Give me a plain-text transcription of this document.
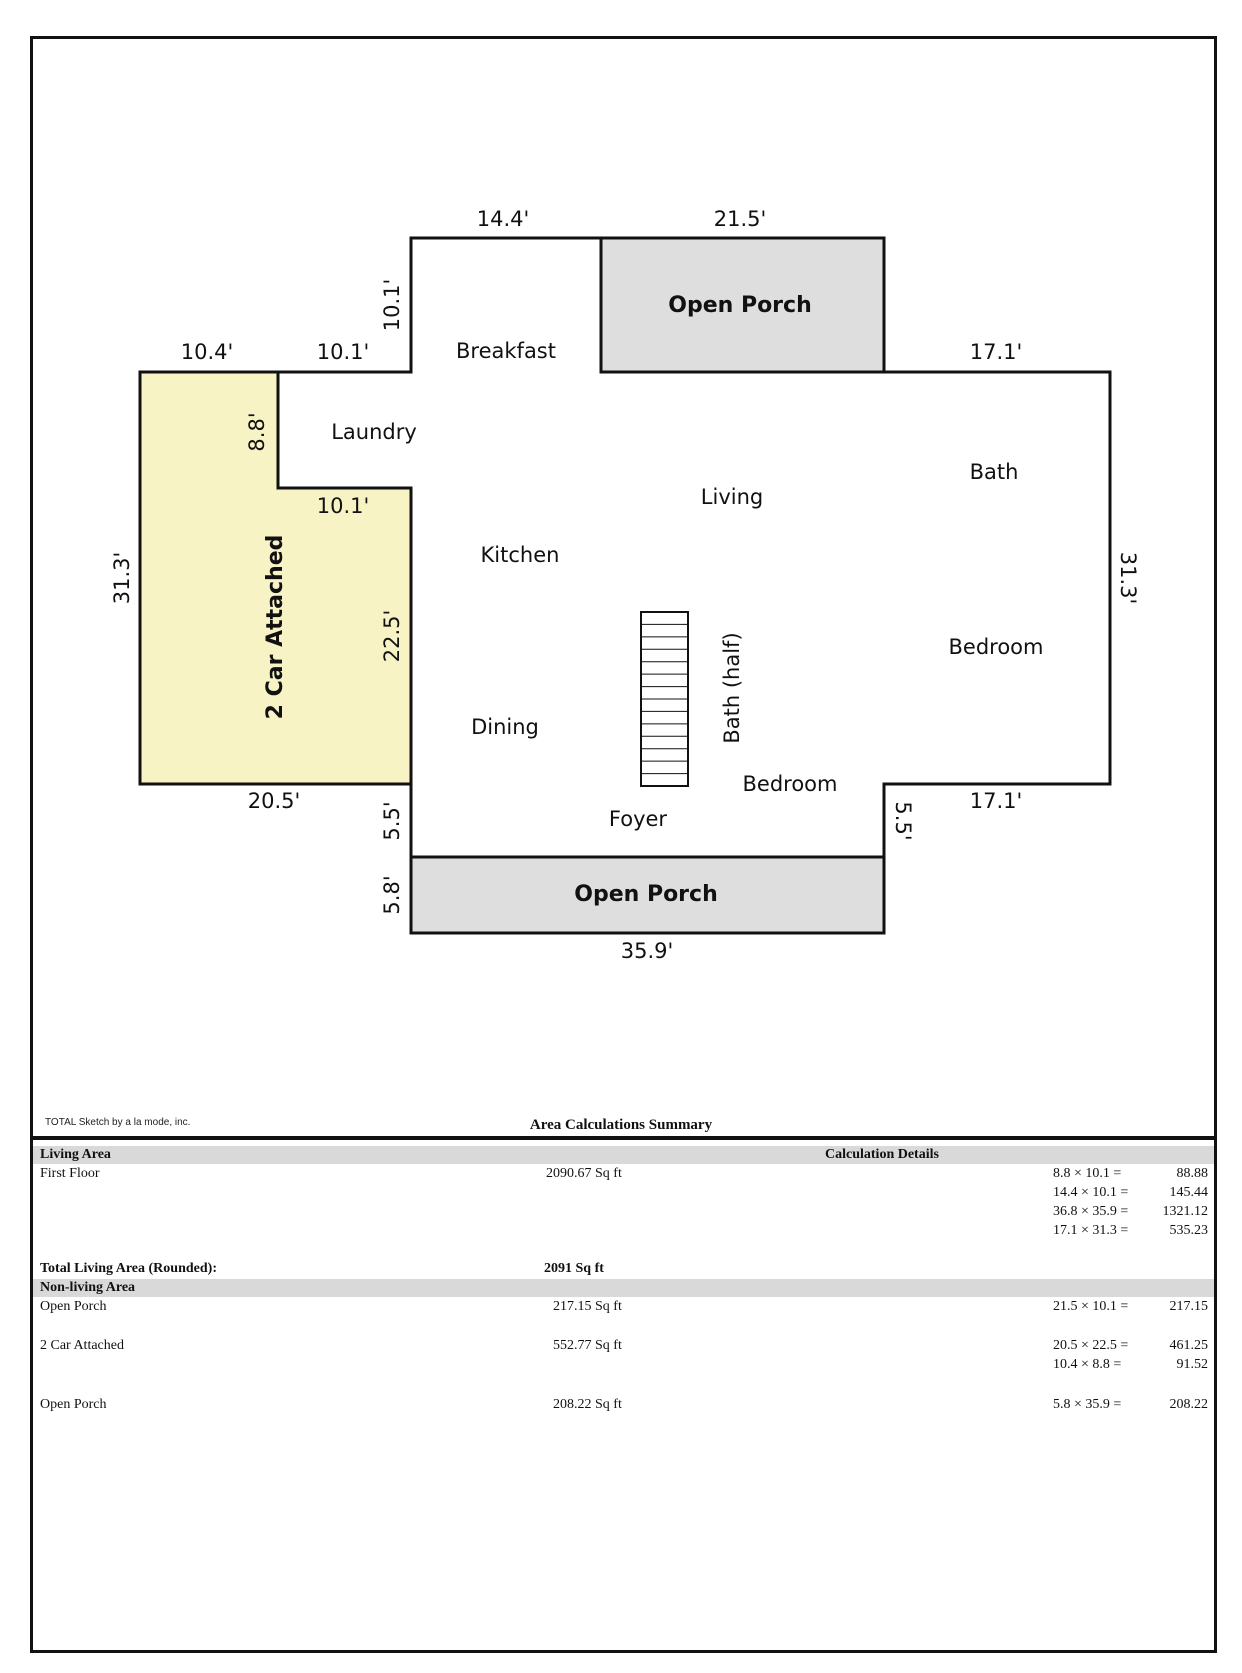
14.4'	21.5'
10.1'
10.4'	10.1'	17.1'
8.8'
10.1'
31.3'	31.3'
22.5'
20.5'
5.5'	5.5'
17.1'
5.8'
35.9'
Breakfast
Laundry
Living
Bath
Kitchen
Bedroom
Dining	Bath (half)
Bedroom
Foyer
2 Car Attached
Open Porch
Open Porch
TOTAL Sketch by a la mode, inc.	Area Calculations Summary
Living Area	Calculation Details
First Floor	2090.67 Sq ft	8.8 × 10.1 =	88.88
14.4 × 10.1 =	145.44
36.8 × 35.9 =	1321.12
17.1 × 31.3 =	535.23
Total Living Area (Rounded):	2091 Sq ft
Non-living Area
Open Porch	217.15 Sq ft	21.5 × 10.1 =	217.15
2 Car Attached	552.77 Sq ft	20.5 × 22.5 =	461.25
10.4 × 8.8 =	91.52
Open Porch	208.22 Sq ft	5.8 × 35.9 =	208.22
